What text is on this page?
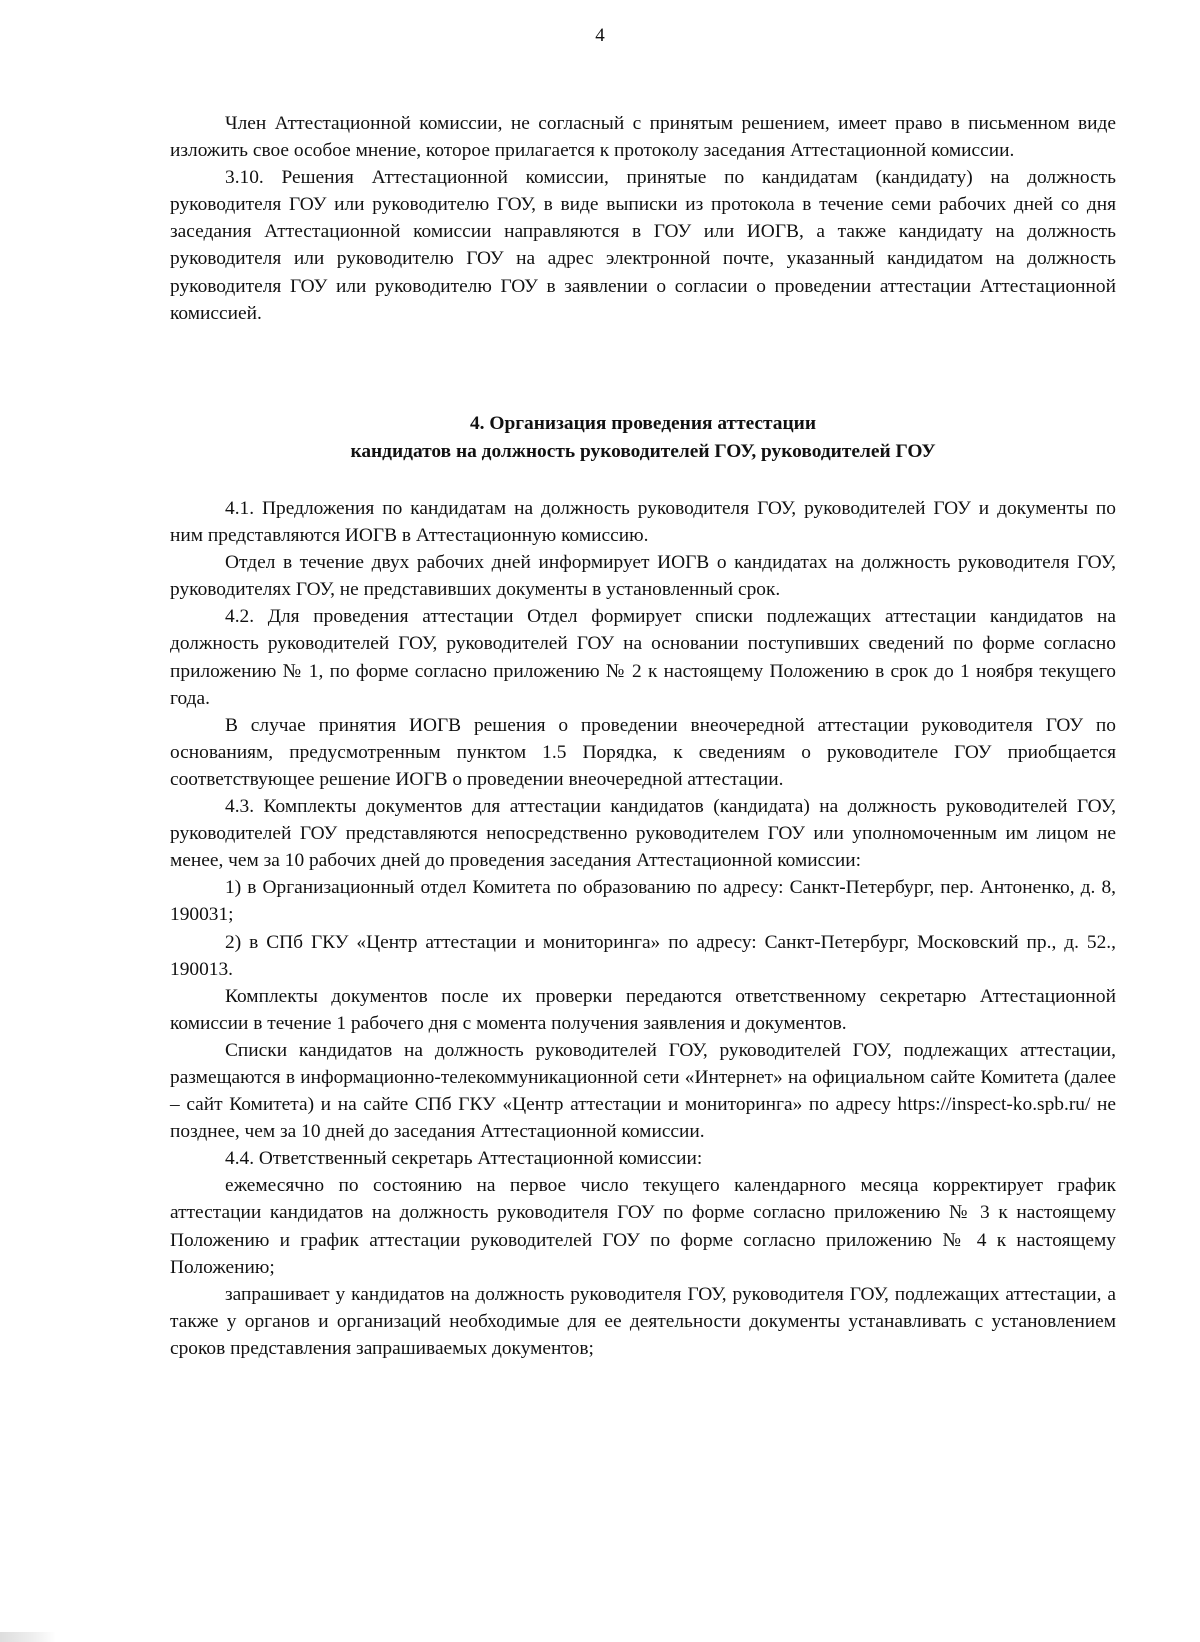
4

Член Аттестационной комиссии, не согласный с принятым решением, имеет право в письменном виде изложить свое особое мнение, которое прилагается к протоколу заседания Аттестационной комиссии.

3.10. Решения Аттестационной комиссии, принятые по кандидатам (кандидату) на должность руководителя ГОУ или руководителю ГОУ, в виде выписки из протокола в течение семи рабочих дней со дня заседания Аттестационной комиссии направляются в ГОУ или ИОГВ, а также кандидату на должность руководителя или руководителю ГОУ на адрес электронной почте, указанный кандидатом на должность руководителя ГОУ или руководителю ГОУ в заявлении о согласии о проведении аттестации Аттестационной комиссией.

4. Организация проведения аттестации
кандидатов на должность руководителей ГОУ, руководителей ГОУ

4.1. Предложения по кандидатам на должность руководителя ГОУ, руководителей ГОУ и документы по ним представляются ИОГВ в Аттестационную комиссию.

Отдел в течение двух рабочих дней информирует ИОГВ о кандидатах на должность руководителя ГОУ, руководителях ГОУ, не представивших документы в установленный срок.

4.2. Для проведения аттестации Отдел формирует списки подлежащих аттестации кандидатов на должность руководителей ГОУ, руководителей ГОУ на основании поступивших сведений по форме согласно приложению № 1, по форме согласно приложению № 2 к настоящему Положению в срок до 1 ноября текущего года.

В случае принятия ИОГВ решения о проведении внеочередной аттестации руководителя ГОУ по основаниям, предусмотренным пунктом 1.5 Порядка, к сведениям о руководителе ГОУ приобщается соответствующее решение ИОГВ о проведении внеочередной аттестации.

4.3. Комплекты документов для аттестации кандидатов (кандидата) на должность руководителей ГОУ, руководителей ГОУ представляются непосредственно руководителем ГОУ или уполномоченным им лицом не менее, чем за 10 рабочих дней до проведения заседания Аттестационной комиссии:

1) в Организационный отдел Комитета по образованию по адресу: Санкт-Петербург, пер. Антоненко, д. 8, 190031;

2) в СПб ГКУ «Центр аттестации и мониторинга» по адресу: Санкт-Петербург, Московский пр., д. 52., 190013.

Комплекты документов после их проверки передаются ответственному секретарю Аттестационной комиссии в течение 1 рабочего дня с момента получения заявления и документов.

Списки кандидатов на должность руководителей ГОУ, руководителей ГОУ, подлежащих аттестации, размещаются в информационно-телекоммуникационной сети «Интернет» на официальном сайте Комитета (далее – сайт Комитета) и на сайте СПб ГКУ «Центр аттестации и мониторинга» по адресу https://inspect-ko.spb.ru/ не позднее, чем за 10 дней до заседания Аттестационной комиссии.

4.4. Ответственный секретарь Аттестационной комиссии:

ежемесячно по состоянию на первое число текущего календарного месяца корректирует график аттестации кандидатов на должность руководителя ГОУ по форме согласно приложению № 3 к настоящему Положению и график аттестации руководителей ГОУ по форме согласно приложению № 4 к настоящему Положению;

запрашивает у кандидатов на должность руководителя ГОУ, руководителя ГОУ, подлежащих аттестации, а также у органов и организаций необходимые для ее деятельности документы устанавливать с установлением сроков представления запрашиваемых документов;
